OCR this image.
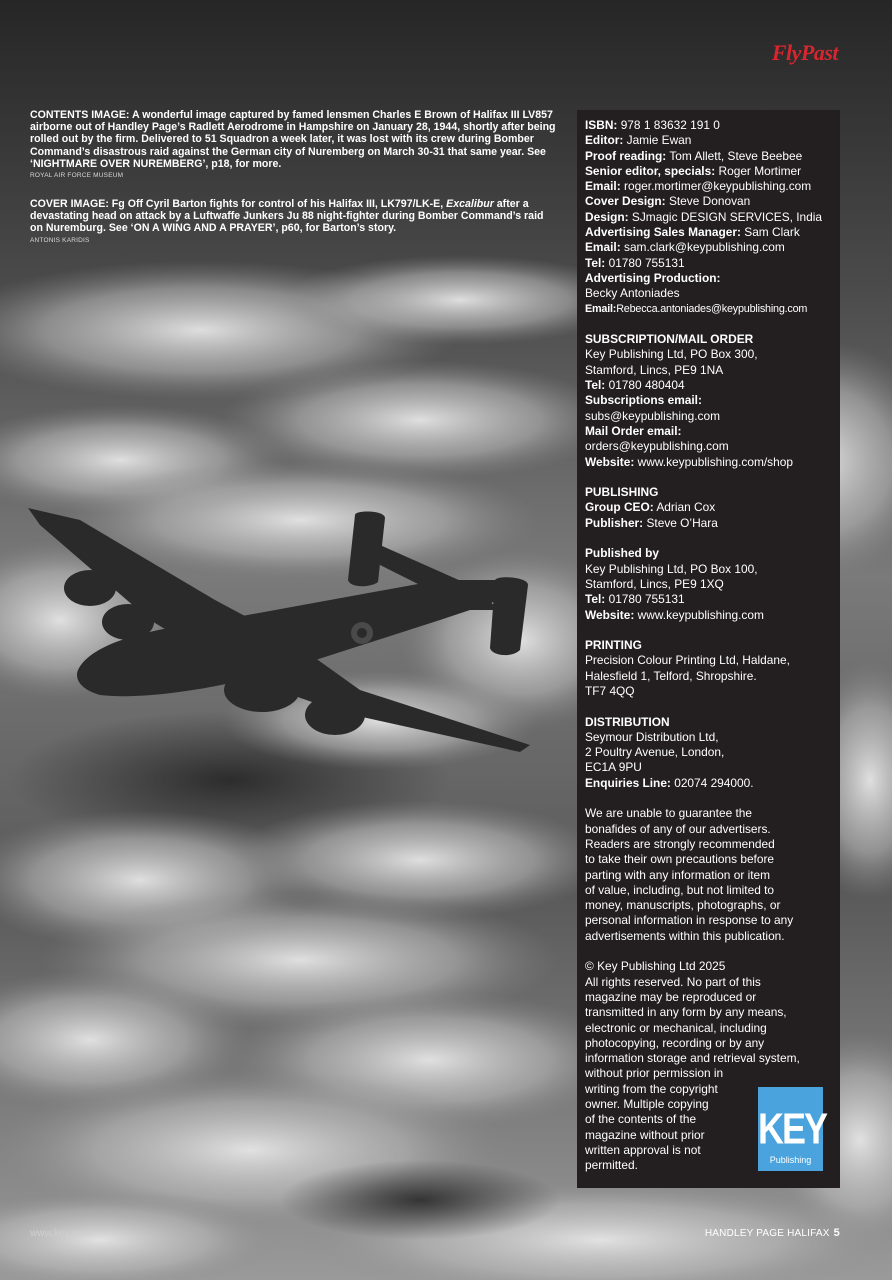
FlyPast
CONTENTS IMAGE: A wonderful image captured by famed lensmen Charles E Brown of Halifax III LV857 airborne out of Handley Page’s Radlett Aerodrome in Hampshire on January 28, 1944, shortly after being rolled out by the firm. Delivered to 51 Squadron a week later, it was lost with its crew during Bomber Command’s disastrous raid against the German city of Nuremberg on March 30-31 that same year. See ‘NIGHTMARE OVER NUREMBERG’, p18, for more.
ROYAL AIR FORCE MUSEUM
COVER IMAGE: Fg Off Cyril Barton fights for control of his Halifax III, LK797/LK-E, Excalibur after a devastating head on attack by a Luftwaffe Junkers Ju 88 night-fighter during Bomber Command’s raid on Nuremburg. See ‘ON A WING AND A PRAYER’, p60, for Barton’s story.
ANTONIS KARIDIS

ISBN: 978 1 83632 191 0

Editor: Jamie Ewan

Proof reading: Tom Allett, Steve Beebee

Senior editor, specials: Roger Mortimer

Email: roger.mortimer@keypublishing.com

Cover Design: Steve Donovan

Design: SJmagic DESIGN SERVICES, India

Advertising Sales Manager: Sam Clark

Email: sam.clark@keypublishing.com

Tel: 01780 755131

Advertising Production:

Becky Antoniades

Email:Rebecca.antoniades@keypublishing.com

SUBSCRIPTION/MAIL ORDER

Key Publishing Ltd, PO Box 300,

Stamford, Lincs, PE9 1NA

Tel: 01780 480404

Subscriptions email:

subs@keypublishing.com

Mail Order email:

orders@keypublishing.com

Website: www.keypublishing.com/shop

PUBLISHING

Group CEO: Adrian Cox

Publisher: Steve O’Hara

Published by

Key Publishing Ltd, PO Box 100,

Stamford, Lincs, PE9 1XQ

Tel: 01780 755131

Website: www.keypublishing.com

PRINTING

Precision Colour Printing Ltd, Haldane,

Halesfield 1, Telford, Shropshire.

TF7 4QQ

DISTRIBUTION

Seymour Distribution Ltd,

2 Poultry Avenue, London,

EC1A 9PU

Enquiries Line: 02074 294000.

We are unable to guarantee the

bonafides of any of our advertisers.

Readers are strongly recommended

to take their own precautions before

parting with any information or item

of value, including, but not limited to

money, manuscripts, photographs, or

personal information in response to any

advertisements within this publication.

© Key Publishing Ltd 2025

All rights reserved. No part of this

magazine may be reproduced or

transmitted in any form by any means,

electronic or mechanical, including

photocopying, recording or by any

information storage and retrieval system,

without prior permission in

writing from the copyright

owner. Multiple copying

of the contents of the

magazine without prior

written approval is not

permitted.

KEY
Publishing
www.key.aero	HANDLEY PAGE HALIFAX 5
